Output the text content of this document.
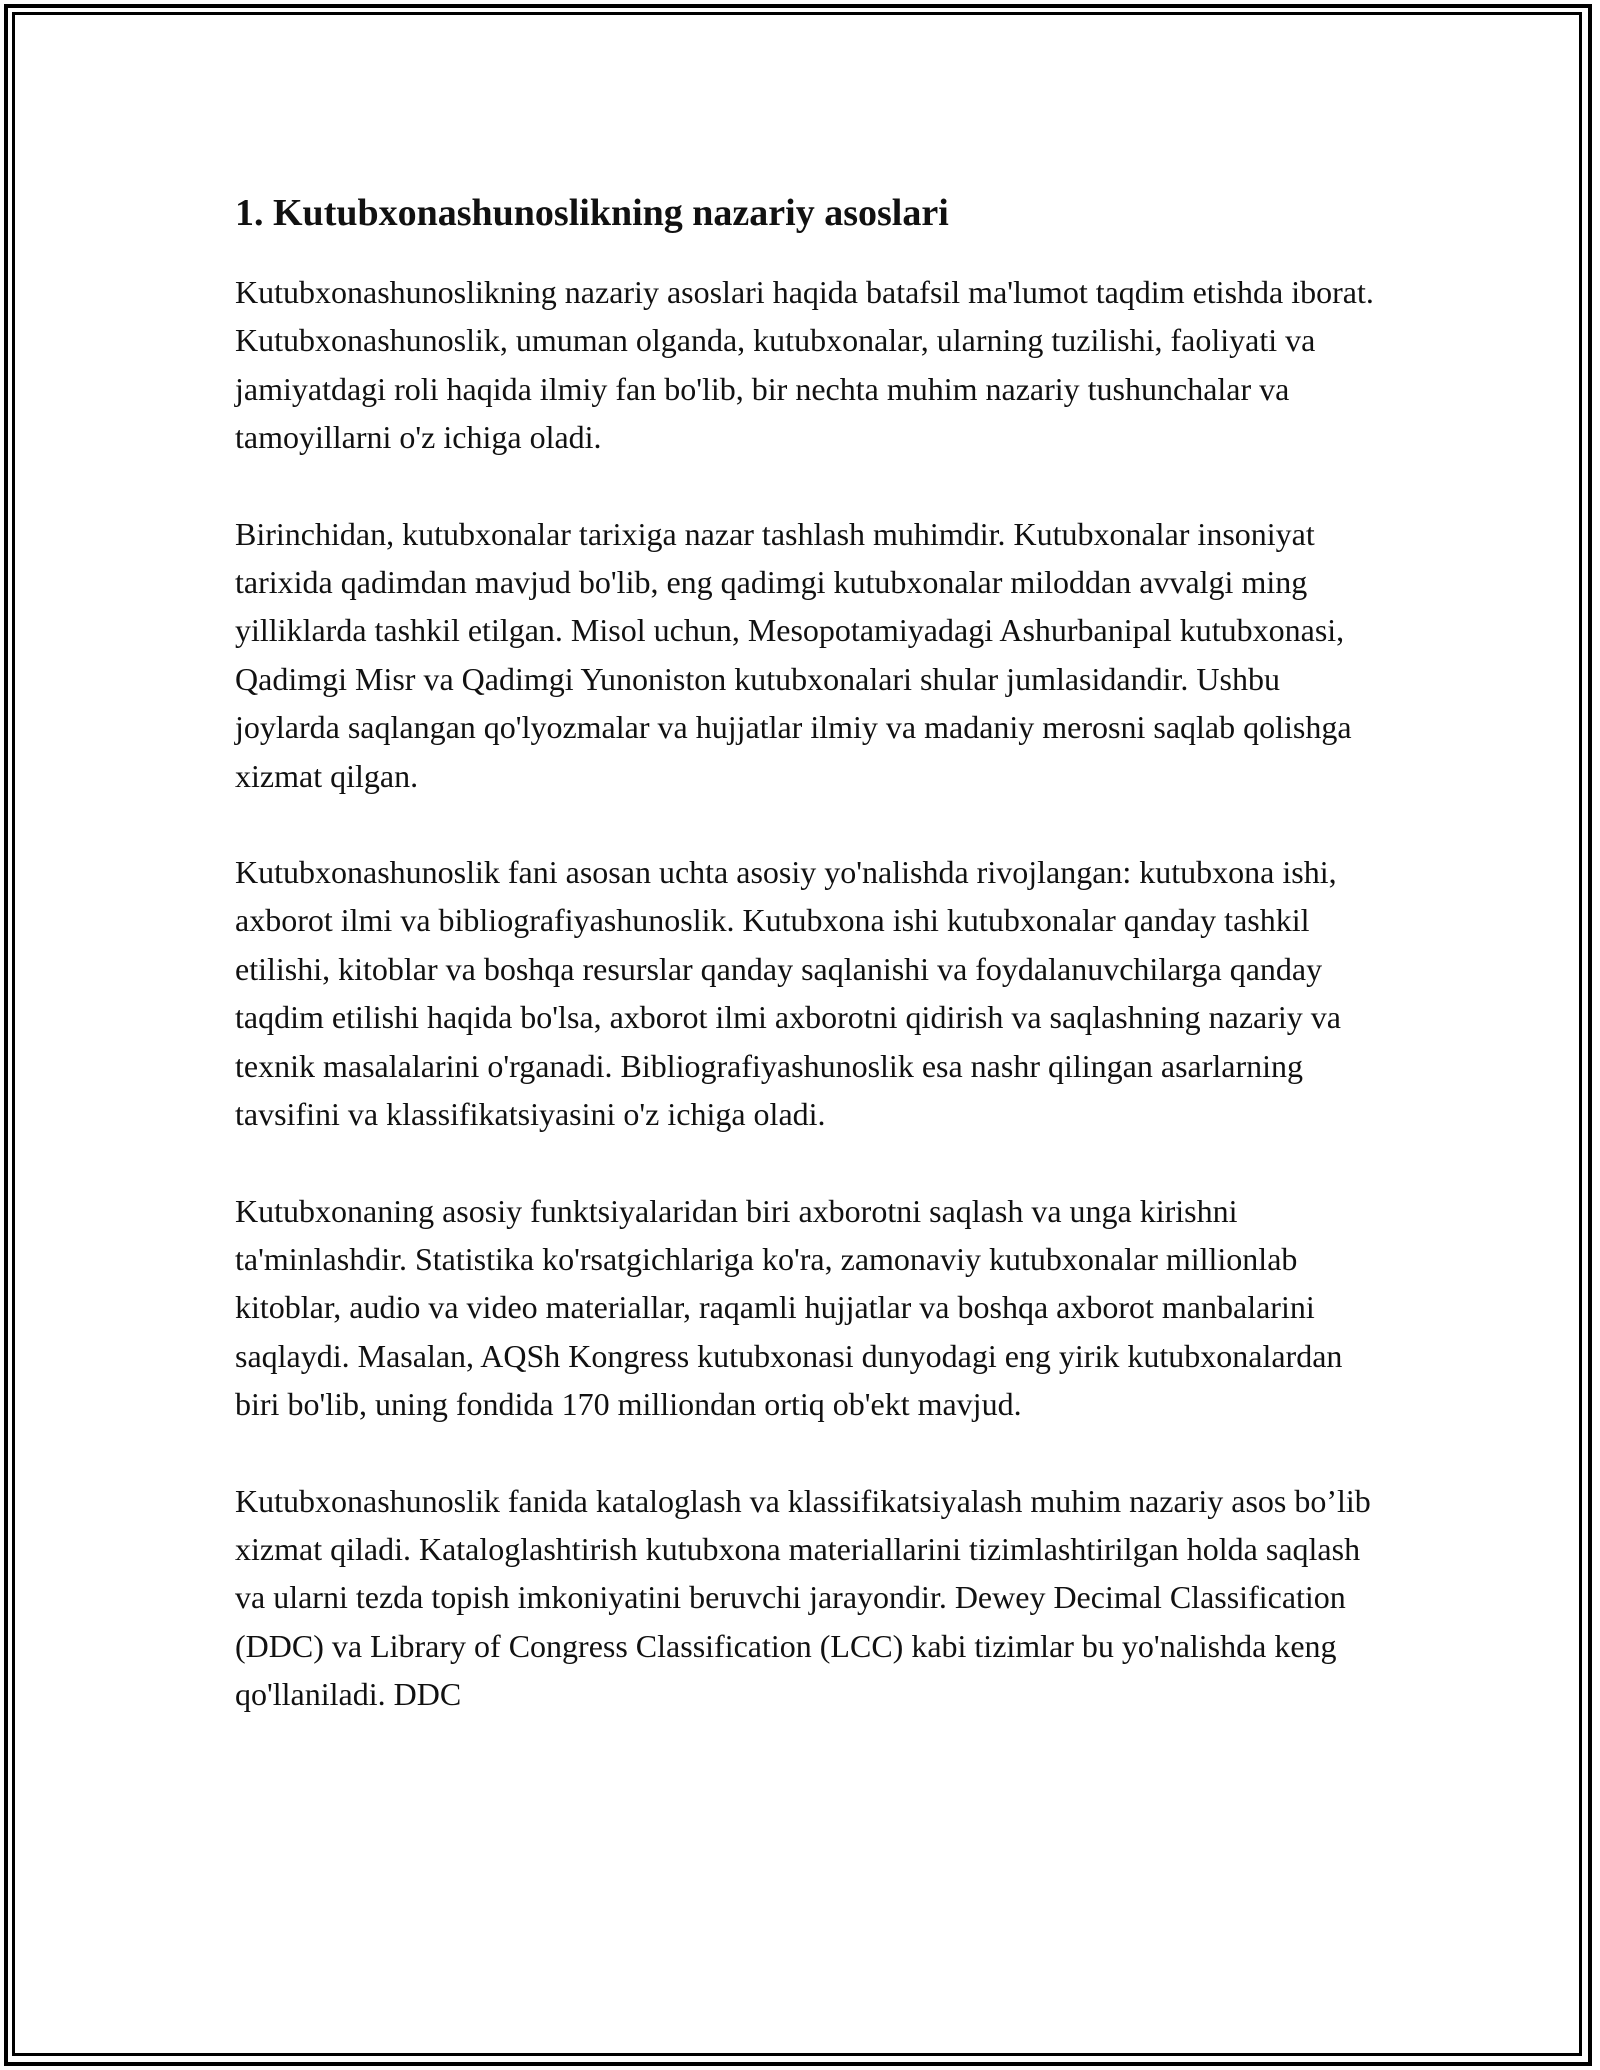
1. Kutubxonashunoslikning nazariy asoslari

Kutubxonashunoslikning nazariy asoslari haqida batafsil ma'lumot taqdim etishda iborat. Kutubxonashunoslik, umuman olganda, kutubxonalar, ularning tuzilishi, faoliyati va jamiyatdagi roli haqida ilmiy fan bo'lib, bir nechta muhim nazariy tushunchalar va tamoyillarni o'z ichiga oladi.

Birinchidan, kutubxonalar tarixiga nazar tashlash muhimdir. Kutubxonalar insoniyat tarixida qadimdan mavjud bo'lib, eng qadimgi kutubxonalar miloddan avvalgi ming yilliklarda tashkil etilgan. Misol uchun, Mesopotamiyadagi Ashurbanipal kutubxonasi, Qadimgi Misr va Qadimgi Yunoniston kutubxonalari shular jumlasidandir. Ushbu joylarda saqlangan qo'lyozmalar va hujjatlar ilmiy va madaniy merosni saqlab qolishga xizmat qilgan.

Kutubxonashunoslik fani asosan uchta asosiy yo'nalishda rivojlangan: kutubxona ishi, axborot ilmi va bibliografiyashunoslik. Kutubxona ishi kutubxonalar qanday tashkil etilishi, kitoblar va boshqa resurslar qanday saqlanishi va foydalanuvchilarga qanday taqdim etilishi haqida bo'lsa, axborot ilmi axborotni qidirish va saqlashning nazariy va texnik masalalarini o'rganadi. Bibliografiyashunoslik esa nashr qilingan asarlarning tavsifini va klassifikatsiyasini o'z ichiga oladi.

Kutubxonaning asosiy funktsiyalaridan biri axborotni saqlash va unga kirishni ta'minlashdir. Statistika ko'rsatgichlariga ko'ra, zamonaviy kutubxonalar millionlab kitoblar, audio va video materiallar, raqamli hujjatlar va boshqa axborot manbalarini saqlaydi. Masalan, AQSh Kongress kutubxonasi dunyodagi eng yirik kutubxonalardan biri bo'lib, uning fondida 170 milliondan ortiq ob'ekt mavjud.

Kutubxonashunoslik fanida kataloglash va klassifikatsiyalash muhim nazariy asos bo’lib xizmat qiladi. Kataloglashtirish kutubxona materiallarini tizimlashtirilgan holda saqlash va ularni tezda topish imkoniyatini beruvchi jarayondir. Dewey Decimal Classification (DDC) va Library of Congress Classification (LCC) kabi tizimlar bu yo'nalishda keng qo'llaniladi. DDC
